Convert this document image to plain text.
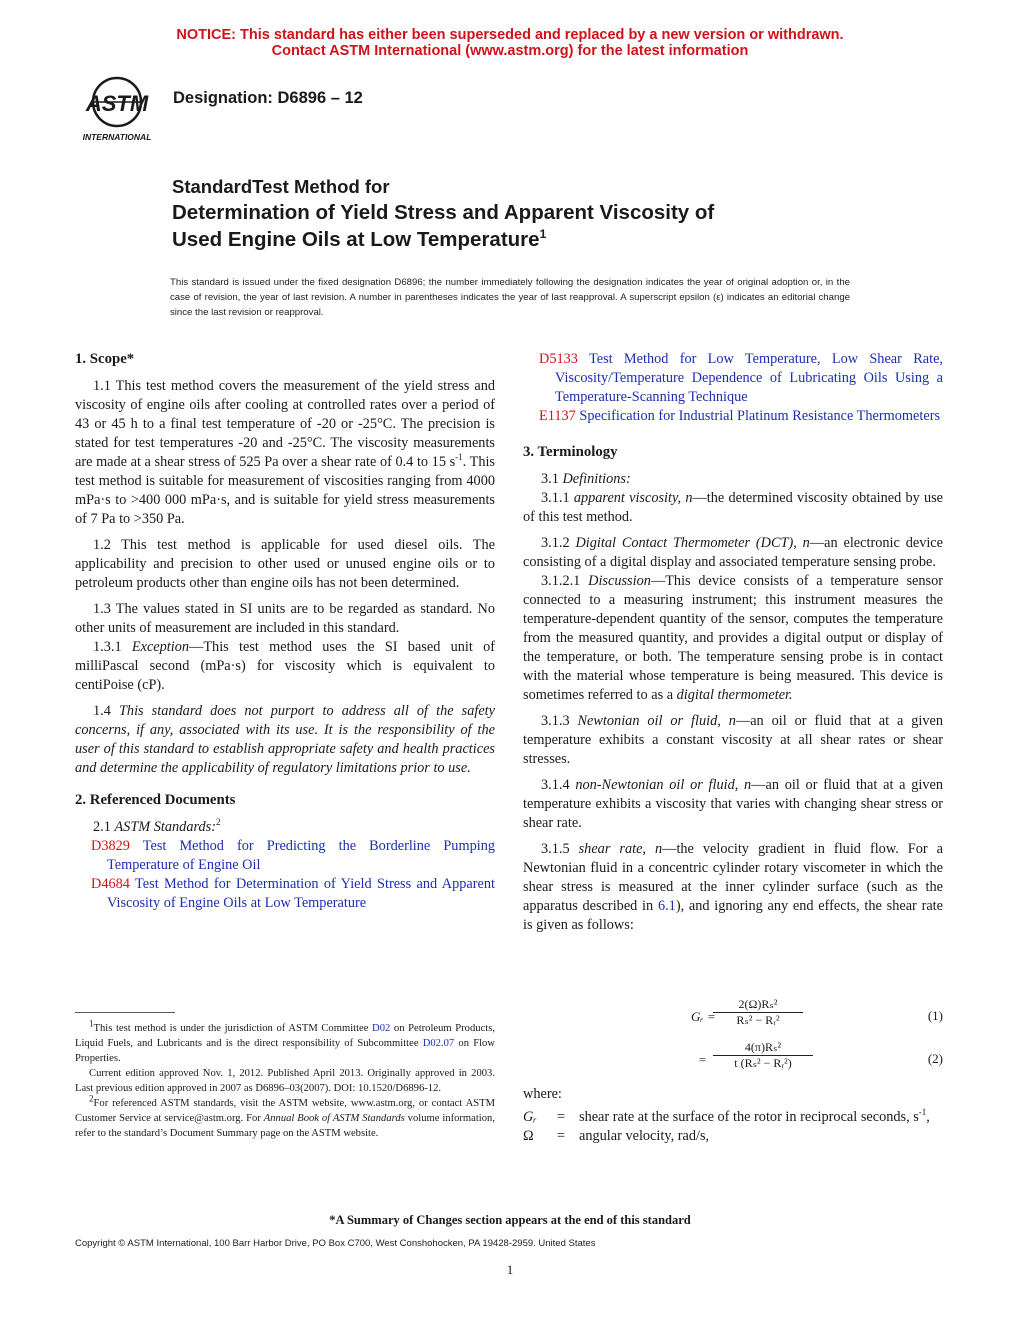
NOTICE: This standard has either been superseded and replaced by a new version or withdrawn.
Contact ASTM International (www.astm.org) for the latest information
ASTM
INTERNATIONAL
Designation: D6896 – 12
StandardTest Method for
Determination of Yield Stress and Apparent Viscosity of
Used Engine Oils at Low Temperature$^1$
This standard is issued under the fixed designation D6896; the number immediately following the designation indicates the year of original adoption or, in the case of revision, the year of last revision. A number in parentheses indicates the year of last reapproval. A superscript epsilon (ε) indicates an editorial change since the last revision or reapproval.
1. Scope*

1.1 This test method covers the measurement of the yield stress and viscosity of engine oils after cooling at controlled rates over a period of 43 or 45 h to a final test temperature of -20 or -25°C. The precision is stated for test temperatures -20 and -25°C. The viscosity measurements are made at a shear stress of 525 Pa over a shear rate of 0.4 to 15 $s^{-1}$. This test method is suitable for measurement of viscosities ranging from 4000 mPa·s to >400 000 mPa·s, and is suitable for yield stress measurements of 7 Pa to >350 Pa.

1.2 This test method is applicable for used diesel oils. The applicability and precision to other used or unused engine oils or to petroleum products other than engine oils has not been determined.

1.3 The values stated in SI units are to be regarded as standard. No other units of measurement are included in this standard.

1.3.1 Exception—This test method uses the SI based unit of milliPascal second (mPa·s) for viscosity which is equivalent to centiPoise (cP).

1.4 This standard does not purport to address all of the safety concerns, if any, associated with its use. It is the responsibility of the user of this standard to establish appropriate safety and health practices and determine the applicability of regulatory limitations prior to use.

2. Referenced Documents

2.1 ASTM Standards:$^2$

D3829 Test Method for Predicting the Borderline Pumping Temperature of Engine Oil

D4684 Test Method for Determination of Yield Stress and Apparent Viscosity of Engine Oils at Low Temperature

$^1$This test method is under the jurisdiction of ASTM Committee D02 on Petroleum Products, Liquid Fuels, and Lubricants and is the direct responsibility of Subcommittee D02.07 on Flow Properties.

Current edition approved Nov. 1, 2012. Published April 2013. Originally approved in 2003. Last previous edition approved in 2007 as D6896–03(2007). DOI: 10.1520/D6896-12.

$^2$For referenced ASTM standards, visit the ASTM website, www.astm.org, or contact ASTM Customer Service at service@astm.org. For Annual Book of ASTM Standards volume information, refer to the standard’s Document Summary page on the ASTM website.

D5133 Test Method for Low Temperature, Low Shear Rate, Viscosity/Temperature Dependence of Lubricating Oils Using a Temperature-Scanning Technique

E1137 Specification for Industrial Platinum Resistance Thermometers

3. Terminology

3.1 Definitions:

3.1.1 apparent viscosity, n—the determined viscosity obtained by use of this test method.

3.1.2 Digital Contact Thermometer (DCT), n—an electronic device consisting of a digital display and associated temperature sensing probe.

3.1.2.1 Discussion—This device consists of a temperature sensor connected to a measuring instrument; this instrument measures the temperature-dependent quantity of the sensor, computes the temperature from the measured quantity, and provides a digital output or display of the temperature, or both. The temperature sensing probe is in contact with the material whose temperature is being measured. This device is sometimes referred to as a digital thermometer.

3.1.3 Newtonian oil or fluid, n—an oil or fluid that at a given temperature exhibits a constant viscosity at all shear rates or shear stresses.

3.1.4 non-Newtonian oil or fluid, n—an oil or fluid that at a given temperature exhibits a viscosity that varies with changing shear stress or shear rate.

3.1.5 shear rate, n—the velocity gradient in fluid flow. For a Newtonian fluid in a concentric cylinder rotary viscometer in which the shear stress is measured at the inner cylinder surface (such as the apparatus described in 6.1), and ignoring any end effects, the shear rate is given as follows:

Gᵣ =
$\frac{\text{2(Ω)Rₛ²}}{\text{Rₛ² − Rᵣ²}}$	(1)
= $\frac{\text{4(π)Rₛ²}}{\text{t (Rₛ² − Rᵣ²)}}$	(2)
where:
Gᵣ	= shear rate at the surface of the rotor in reciprocal seconds, $s^{-1}$,
Ω	= angular velocity, rad/s,
*A Summary of Changes section appears at the end of this standard
Copyright © ASTM International, 100 Barr Harbor Drive, PO Box C700, West Conshohocken, PA 19428-2959. United States
1
